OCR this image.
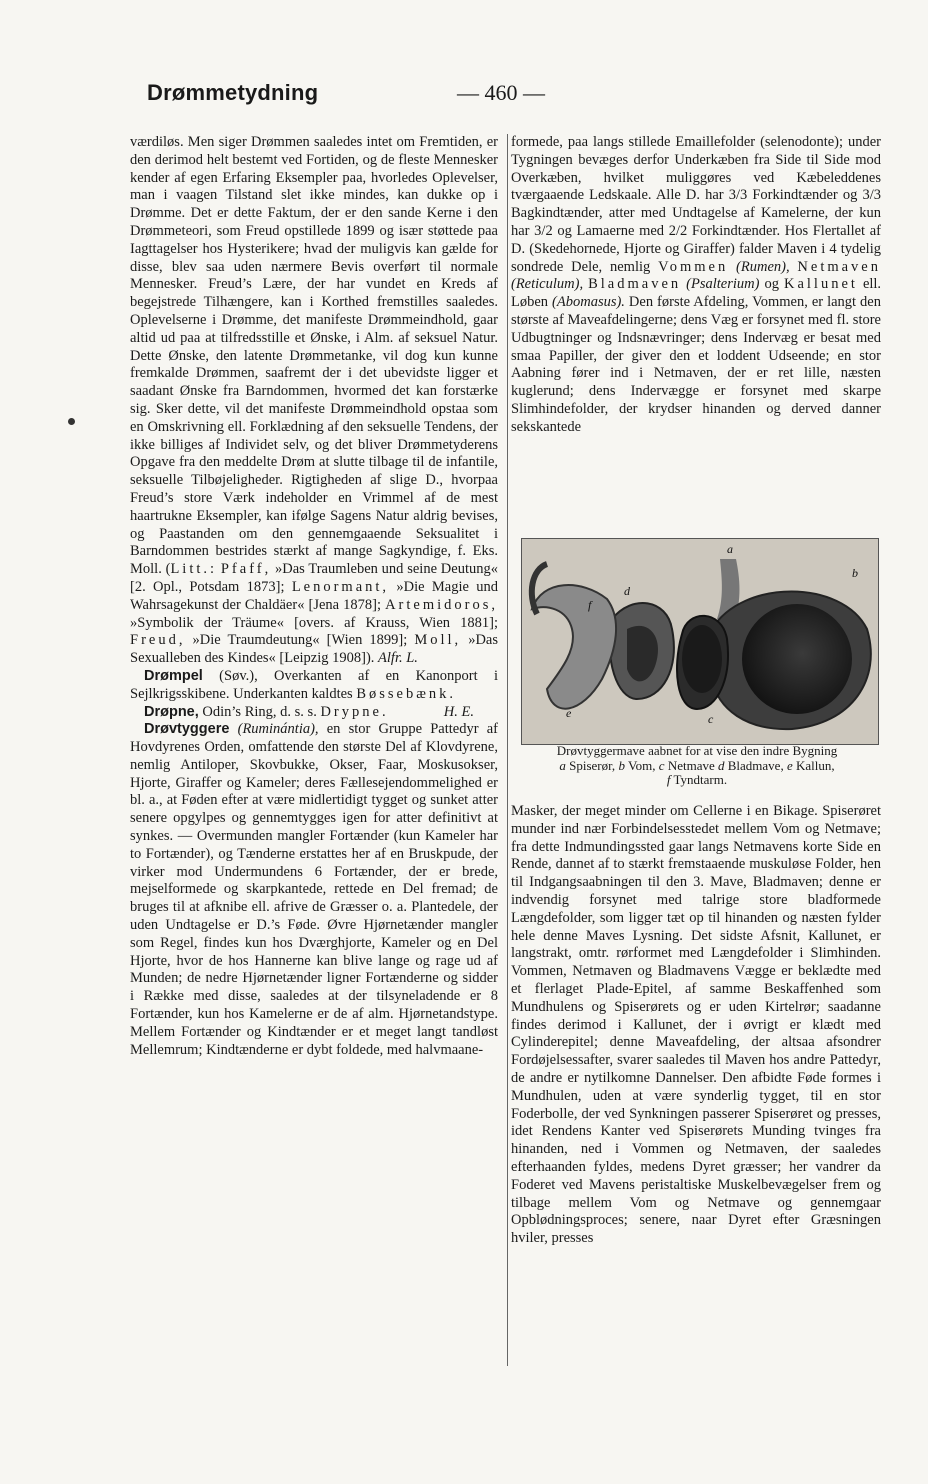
Drømmetydning	— 460 —

værdiløs. Men siger Drømmen saaledes intet om Fremtiden, er den derimod helt bestemt ved Fortiden, og de fleste Mennesker kender af egen Erfaring Eksempler paa, hvorledes Oplevelser, man i vaagen Tilstand slet ikke mindes, kan dukke op i Drømme. Det er dette Faktum, der er den sande Kerne i den Drømmeteori, som Freud opstillede 1899 og især støttede paa Iagttagelser hos Hysterikere; hvad der muligvis kan gælde for disse, blev saa uden nærmere Bevis overført til normale Mennesker. Freud’s Lære, der har vundet en Kreds af begejstrede Tilhængere, kan i Korthed fremstilles saaledes. Oplevelserne i Drømme, det manifeste Drømmeindhold, gaar altid ud paa at tilfredsstille et Ønske, i Alm. af seksuel Natur. Dette Ønske, den latente Drømmetanke, vil dog kun kunne fremkalde Drømmen, saafremt der i det ubevidste ligger et saadant Ønske fra Barndommen, hvormed det kan forstærke sig. Sker dette, vil det manifeste Drømmeindhold opstaa som en Omskrivning ell. Forklædning af den seksuelle Tendens, der ikke billiges af Individet selv, og det bliver Drømmetyderens Opgave fra den meddelte Drøm at slutte tilbage til de infantile, seksuelle Tilbøjeligheder. Rigtigheden af slige D., hvorpaa Freud’s store Værk indeholder en Vrimmel af de mest haartrukne Eksempler, kan ifølge Sagens Natur aldrig bevises, og Paastanden om den gennemgaaende Seksualitet i Barndommen bestrides stærkt af mange Sagkyndige, f. Eks. Moll. (Litt.: Pfaff, »Das Traumleben und seine Deutung« [2. Opl., Potsdam 1873]; Lenormant, »Die Magie und Wahrsagekunst der Chaldäer« [Jena 1878]; Artemidoros, »Symbolik der Träume« [overs. af Krauss, Wien 1881]; Freud, »Die Traumdeutung« [Wien 1899]; Moll, »Das Sexualleben des Kindes« [Leipzig 1908]). Alfr. L.

Drømpel (Søv.), Overkanten af en Kanonport i Sejlkrigsskibene. Underkanten kaldtes Bøssebænk.
H. E.

Drøpne, Odin’s Ring, d. s. s. Drypne.

Drøvtyggere (Ruminántia), en stor Gruppe Pattedyr af Hovdyrenes Orden, omfattende den største Del af Klovdyrene, nemlig Antiloper, Skovbukke, Okser, Faar, Moskusokser, Hjorte, Giraffer og Kameler; deres Fællesejendommelighed er bl. a., at Føden efter at være midlertidigt tygget og sunket atter senere opgylpes og gennemtygges igen for atter definitivt at synkes. — Overmunden mangler Fortænder (kun Kameler har to Fortænder), og Tænderne erstattes her af en Bruskpude, der virker mod Undermundens 6 Fortænder, der er brede, mejselformede og skarpkantede, rettede en Del fremad; de bruges til at afknibe ell. afrive de Græsser o. a. Plantedele, der uden Undtagelse er D.’s Føde. Øvre Hjørnetænder mangler som Regel, findes kun hos Dværghjorte, Kameler og en Del Hjorte, hvor de hos Hannerne kan blive lange og rage ud af Munden; de nedre Hjørnetænder ligner Fortænderne og sidder i Række med disse, saaledes at der tilsyneladende er 8 Fortænder, kun hos Kamelerne er de af alm. Hjørnetandstype. Mellem Fortænder og Kindtænder er et meget langt tandløst Mellemrum; Kindtænderne er dybt foldede, med halvmaane-

formede, paa langs stillede Emaillefolder (selenodonte); under Tygningen bevæges derfor Underkæben fra Side til Side mod Overkæben, hvilket muliggøres ved Kæbeleddenes tværgaaende Ledskaale. Alle D. har 3/3 Forkindtænder og 3/3 Bagkindtænder, atter med Undtagelse af Kamelerne, der kun har 3/2 og Lamaerne med 2/2 Forkindtænder. Hos Flertallet af D. (Skedehornede, Hjorte og Giraffer) falder Maven i 4 tydelig sondrede Dele, nemlig Vommen (Rumen), Netmaven (Reticulum), Bladmaven (Psalterium) og Kallunet ell. Løben (Abomasus). Den første Afdeling, Vommen, er langt den største af Maveafdelingerne; dens Væg er forsynet med fl. store Udbugtninger og Indsnævringer; dens Indervæg er besat med smaa Papiller, der giver den et loddent Udseende; en stor Aabning fører ind i Netmaven, der er ret lille, næsten kuglerund; dens Indervægge er forsynet med skarpe Slimhindefolder, der krydser hinanden og derved danner sekskantede

a
b
c
d
e
f
Drøvtyggermave aabnet for at vise den indre Bygning
a Spiserør, b Vom, c Netmave d Bladmave, e Kallun,
f Tyndtarm.

Masker, der meget minder om Cellerne i en Bikage. Spiserøret munder ind nær Forbindelsesstedet mellem Vom og Netmave; fra dette Indmundingssted gaar langs Netmavens korte Side en Rende, dannet af to stærkt fremstaaende muskuløse Folder, hen til Indgangsaabningen til den 3. Mave, Bladmaven; denne er indvendig forsynet med talrige store bladformede Længdefolder, som ligger tæt op til hinanden og næsten fylder hele denne Maves Lysning. Det sidste Afsnit, Kallunet, er langstrakt, omtr. rørformet med Længdefolder i Slimhinden. Vommen, Netmaven og Bladmavens Vægge er beklædte med et flerlaget Plade-Epitel, af samme Beskaffenhed som Mundhulens og Spiserørets og er uden Kirtelrør; saadanne findes derimod i Kallunet, der i øvrigt er klædt med Cylinderepitel; denne Maveafdeling, der altsaa afsondrer Fordøjelsessafter, svarer saaledes til Maven hos andre Pattedyr, de andre er nytilkomne Dannelser. Den afbidte Føde formes i Mundhulen, uden at være synderlig tygget, til en stor Foderbolle, der ved Synkningen passerer Spiserøret og presses, idet Rendens Kanter ved Spiserørets Munding tvinges fra hinanden, ned i Vommen og Netmaven, der saaledes efterhaanden fyldes, medens Dyret græsser; her vandrer da Foderet ved Mavens peristaltiske Muskelbevægelser frem og tilbage mellem Vom og Netmave og gennemgaar Opblødningsproces; senere, naar Dyret efter Græsningen hviler, presses
